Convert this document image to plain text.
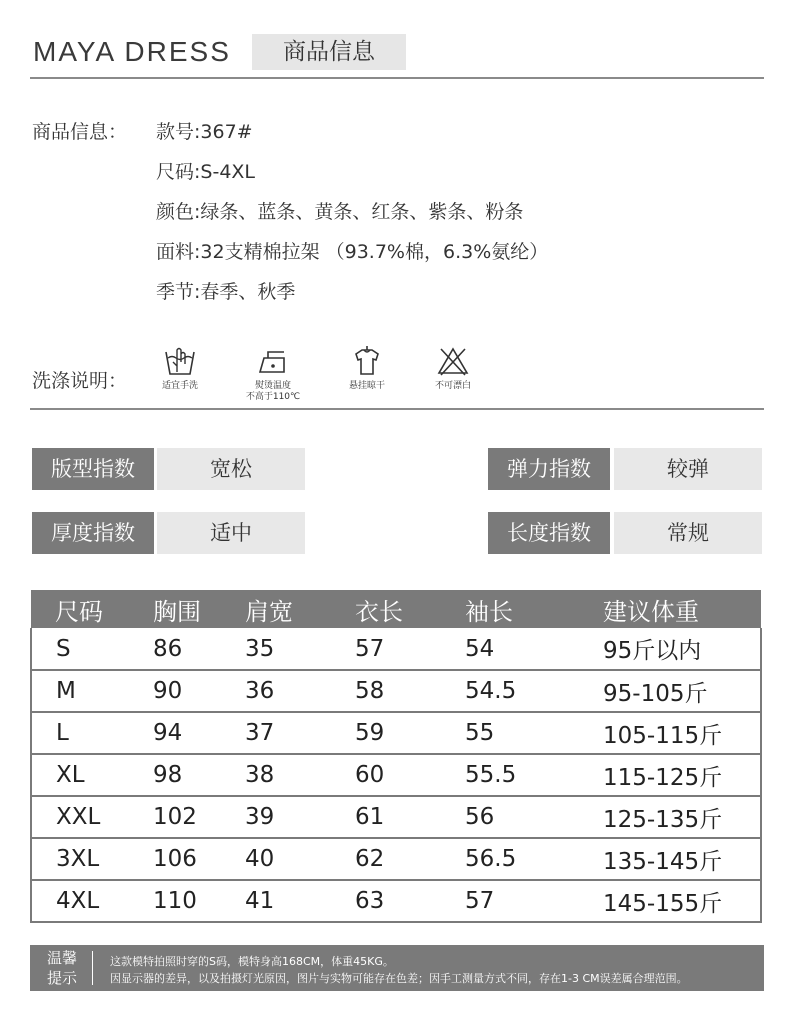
MAYA DRESS	商品信息
商品信息： 款号:367#
尺码:S-4XL
颜色:绿条、蓝条、黄条、红条、紫条、粉条
面料:32支精棉拉架 （93.7%棉，6.3%氨纶）
季节:春季、秋季
洗涤说明：	适宜手洗	熨烫温度
不高于110℃
悬挂晾干	不可漂白
版型指数	宽松	弹力指数	较弹
厚度指数	适中	长度指数	常规
尺码	胸围	肩宽	衣长	袖长	建议体重
S	86	35	57	54	95斤以内
M	90	36	58	54.5	95-105斤
L	94	37	59	55	105-115斤
XL	98	38	60	55.5	115-125斤
XXL	102	39	61	56	125-135斤
3XL	106	40	62	56.5	135-145斤
4XL	110	41	63	57	145-155斤
温馨
提示
这款模特拍照时穿的S码，模特身高168CM，体重45KG。
因显示器的差异，以及拍摄灯光原因，图片与实物可能存在色差；因手工测量方式不同，存在1-3 CM误差属合理范围。
